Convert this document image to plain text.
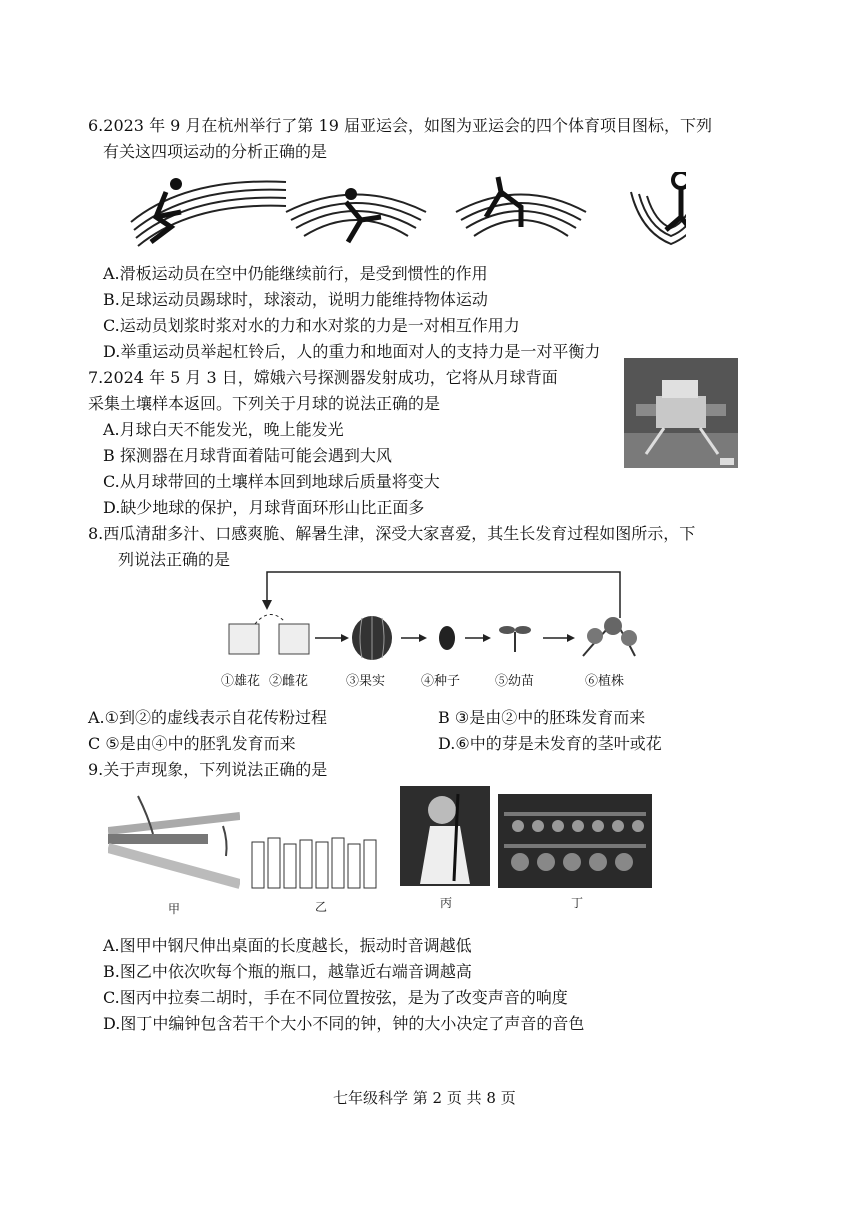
6.2023 年 9 月在杭州举行了第 19 届亚运会，如图为亚运会的四个体育项目图标，下列
有关这四项运动的分析正确的是
A.滑板运动员在空中仍能继续前行，是受到惯性的作用
B.足球运动员踢球时，球滚动，说明力能维持物体运动
C.运动员划浆时浆对水的力和水对浆的力是一对相互作用力
D.举重运动员举起杠铃后，人的重力和地面对人的支持力是一对平衡力
7.2024 年 5 月 3 日，嫦娥六号探测器发射成功，它将从月球背面
采集土壤样本返回。下列关于月球的说法正确的是
A.月球白天不能发光，晚上能发光
B 探测器在月球背面着陆可能会遇到大风
C.从月球带回的土壤样本回到地球后质量将变大
D.缺少地球的保护，月球背面环形山比正面多
8.西瓜清甜多汁、口感爽脆、解暑生津，深受大家喜爱，其生长发育过程如图所示，下
列说法正确的是
①雄花 ②雌花	③果实	④种子	⑤幼苗	⑥植株
A.①到②的虚线表示自花传粉过程	B ③是由②中的胚珠发育而来
C ⑤是由④中的胚乳发育而来	D.⑥中的芽是未发育的茎叶或花
9.关于声现象，下列说法正确的是
甲	乙	丙	丁
A.图甲中钢尺伸出桌面的长度越长，振动时音调越低
B.图乙中依次吹每个瓶的瓶口，越靠近右端音调越高
C.图丙中拉奏二胡时，手在不同位置按弦，是为了改变声音的响度
D.图丁中编钟包含若干个大小不同的钟，钟的大小决定了声音的音色
七年级科学 第 2 页 共 8 页
